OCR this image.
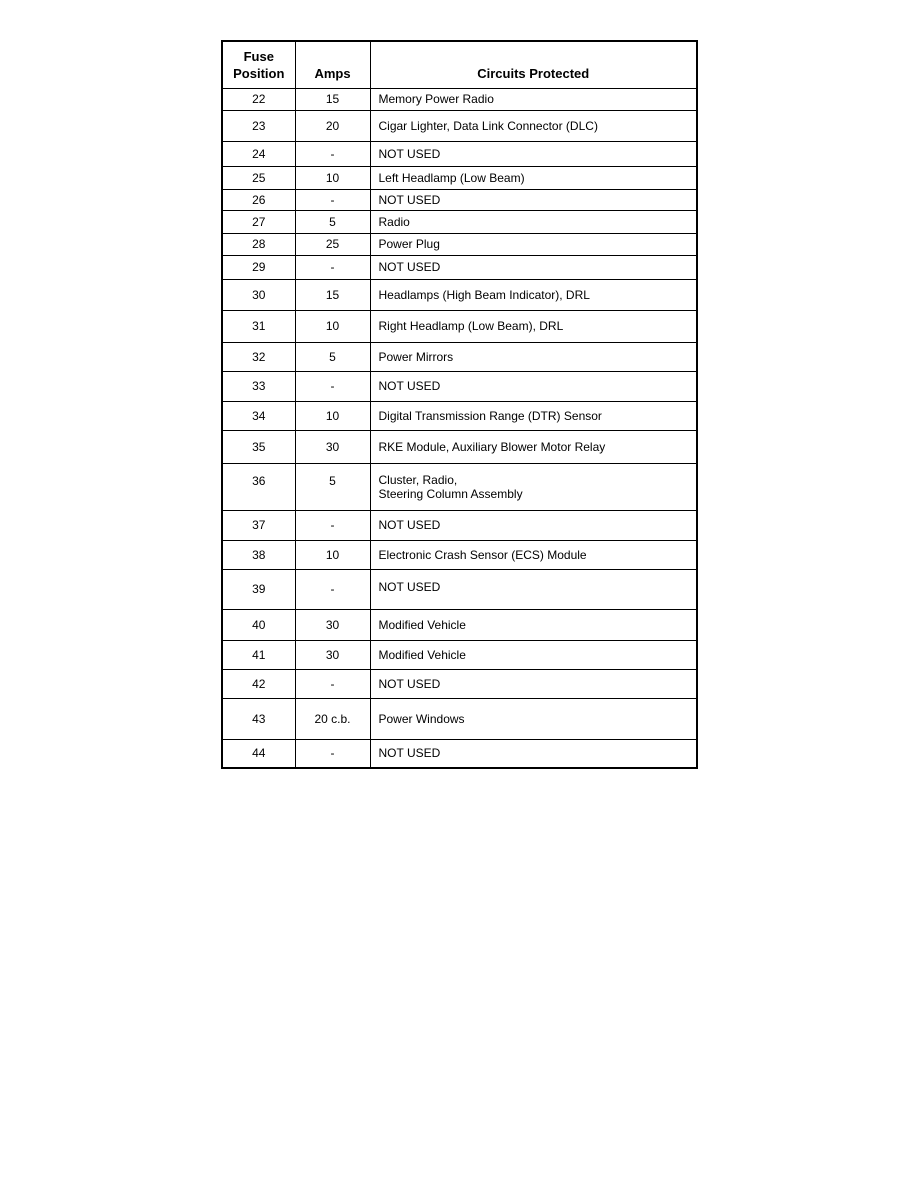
Fuse
Position	Amps	Circuits Protected
22	15	Memory Power Radio
23	20	Cigar Lighter, Data Link Connector (DLC)
24	-	NOT USED
25	10	Left Headlamp (Low Beam)
26	-	NOT USED
27	5	Radio
28	25	Power Plug
29	-	NOT USED
30	15	Headlamps (High Beam Indicator), DRL
31	10	Right Headlamp (Low Beam), DRL
32	5	Power Mirrors
33	-	NOT USED
34	10	Digital Transmission Range (DTR) Sensor
35	30	RKE Module, Auxiliary Blower Motor Relay
36	5	Cluster, Radio,
Steering Column Assembly
37	-	NOT USED
38	10	Electronic Crash Sensor (ECS) Module
39	-	NOT USED
40	30	Modified Vehicle
41	30	Modified Vehicle
42	-	NOT USED
43	20 c.b.	Power Windows
44	-	NOT USED
